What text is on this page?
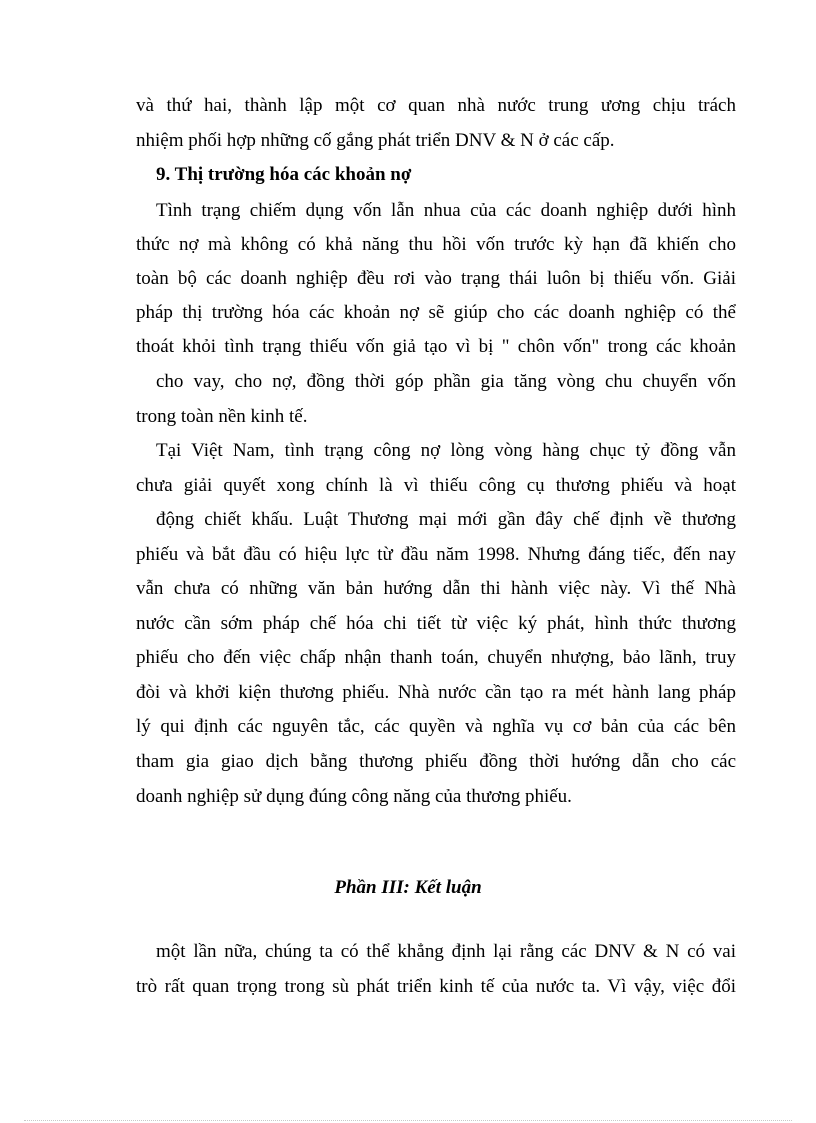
và thứ hai, thành lập một cơ quan nhà nước trung ương chịu trách
nhiệm phối hợp những cố gắng phát triển DNV & N ở các cấp.
9. Thị trường hóa các khoản nợ
Tình trạng chiếm dụng vốn lẫn nhua của các doanh nghiệp dưới hình
thức nợ mà không có khả năng thu hồi vốn trước kỳ hạn đã khiến cho
toàn bộ các doanh nghiệp đều rơi vào trạng thái luôn bị thiếu vốn. Giải
pháp thị trường hóa các khoản nợ sẽ giúp cho các doanh nghiệp có thể
thoát khỏi tình trạng thiếu vốn giả tạo vì bị " chôn vốn" trong các khoản
cho vay, cho nợ, đồng thời góp phần gia tăng vòng chu chuyển vốn
trong toàn nền kinh tế.
Tại Việt Nam, tình trạng công nợ lòng vòng hàng chục tỷ đồng vẫn
chưa giải quyết xong chính là vì thiếu công cụ thương phiếu và hoạt
động chiết khấu. Luật Thương mại mới gần đây chế định về thương
phiếu và bắt đầu có hiệu lực từ đầu năm 1998. Nhưng đáng tiếc, đến nay
vẫn chưa có những văn bản hướng dẫn thi hành việc này. Vì thế Nhà
nước cần sớm pháp chế hóa chi tiết từ việc ký phát, hình thức thương
phiếu cho đến việc chấp nhận thanh toán, chuyển nhượng, bảo lãnh, truy
đòi và khởi kiện thương phiếu. Nhà nước cần tạo ra mét hành lang pháp
lý qui định các nguyên tắc, các quyền và nghĩa vụ cơ bản của các bên
tham gia giao dịch bằng thương phiếu đồng thời hướng dẫn cho các
doanh nghiệp sử dụng đúng công năng của thương phiếu.
Phần III: Kết luận
một lần nữa, chúng ta có thể khẳng định lại rằng các DNV & N có vai
trò rất quan trọng trong sù phát triển kinh tế của nước ta. Vì vậy, việc đổi
